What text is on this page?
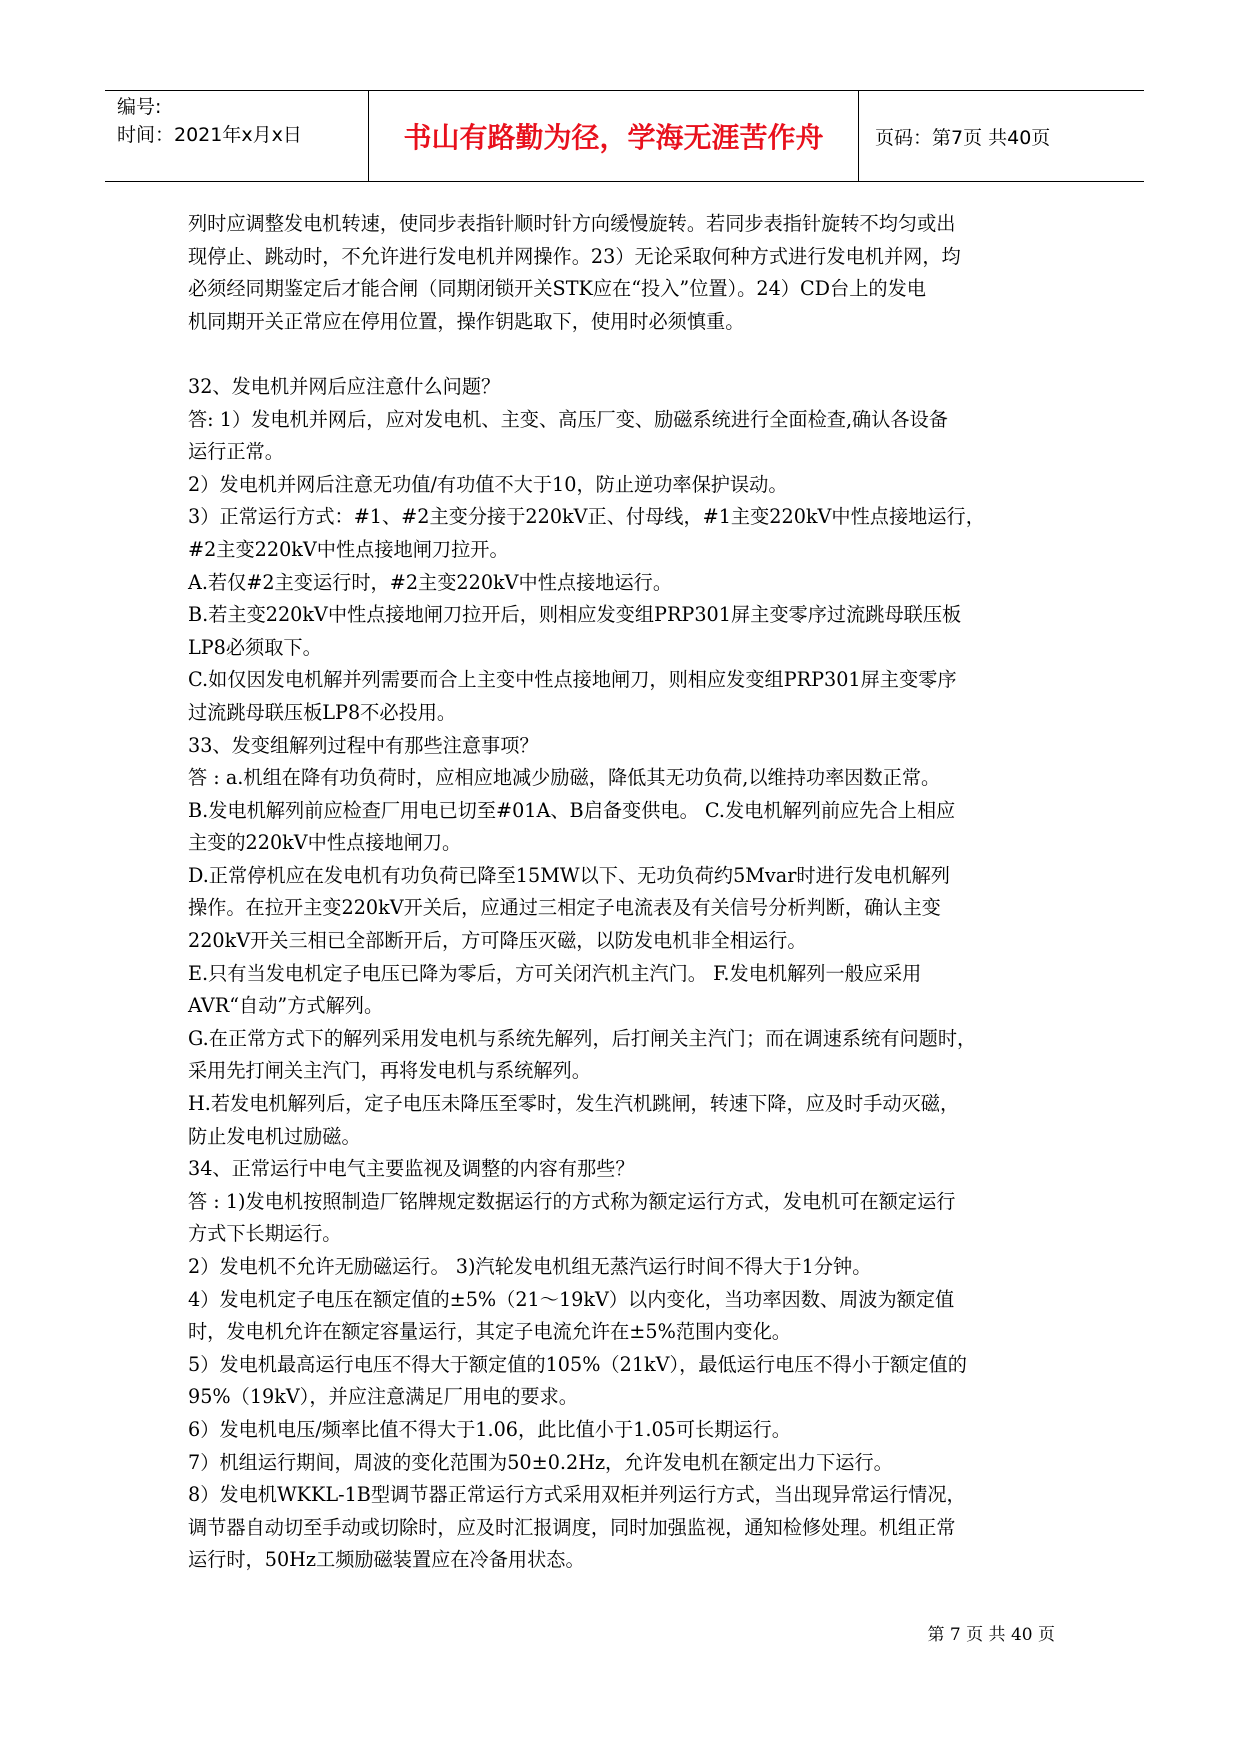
编号:
时间：2021年x月x日	书山有路勤为径，学海无涯苦作舟	页码：第7页 共40页

列时应调整发电机转速，使同步表指针顺时针方向缓慢旋转。若同步表指针旋转不均匀或出

现停止、跳动时，不允许进行发电机并网操作。23）无论采取何种方式进行发电机并网，均

必须经同期鉴定后才能合闸（同期闭锁开关STK应在“投入”位置）。24）CD台上的发电

机同期开关正常应在停用位置，操作钥匙取下，使用时必须慎重。

32、发电机并网后应注意什么问题？

答: 1）发电机并网后，应对发电机、主变、高压厂变、励磁系统进行全面检查,确认各设备

运行正常。

2）发电机并网后注意无功值/有功值不大于10，防止逆功率保护误动。

3）正常运行方式：#1、#2主变分接于220kV正、付母线，#1主变220kV中性点接地运行，

#2主变220kV中性点接地闸刀拉开。

A.若仅#2主变运行时，#2主变220kV中性点接地运行。

B.若主变220kV中性点接地闸刀拉开后，则相应发变组PRP301屏主变零序过流跳母联压板

LP8必须取下。

C.如仅因发电机解并列需要而合上主变中性点接地闸刀，则相应发变组PRP301屏主变零序

过流跳母联压板LP8不必投用。

33、发变组解列过程中有那些注意事项？

答 : a.机组在降有功负荷时，应相应地减少励磁，降低其无功负荷,以维持功率因数正常。

B.发电机解列前应检查厂用电已切至#01A、B启备变供电。 C.发电机解列前应先合上相应

主变的220kV中性点接地闸刀。

D.正常停机应在发电机有功负荷已降至15MW以下、无功负荷约5Mvar时进行发电机解列

操作。在拉开主变220kV开关后，应通过三相定子电流表及有关信号分析判断，确认主变

220kV开关三相已全部断开后，方可降压灭磁，以防发电机非全相运行。

E.只有当发电机定子电压已降为零后，方可关闭汽机主汽门。 F.发电机解列一般应采用

AVR“自动”方式解列。

G.在正常方式下的解列采用发电机与系统先解列，后打闸关主汽门；而在调速系统有问题时，

采用先打闸关主汽门，再将发电机与系统解列。

H.若发电机解列后，定子电压未降压至零时，发生汽机跳闸，转速下降，应及时手动灭磁，

防止发电机过励磁。

34、正常运行中电气主要监视及调整的内容有那些？

答 : 1)发电机按照制造厂铭牌规定数据运行的方式称为额定运行方式，发电机可在额定运行

方式下长期运行。

2）发电机不允许无励磁运行。 3)汽轮发电机组无蒸汽运行时间不得大于1分钟。

4）发电机定子电压在额定值的±5%（21～19kV）以内变化，当功率因数、周波为额定值

时，发电机允许在额定容量运行，其定子电流允许在±5%范围内变化。

5）发电机最高运行电压不得大于额定值的105%（21kV），最低运行电压不得小于额定值的

95%（19kV），并应注意满足厂用电的要求。

6）发电机电压/频率比值不得大于1.06，此比值小于1.05可长期运行。

7）机组运行期间，周波的变化范围为50±0.2Hz，允许发电机在额定出力下运行。

8）发电机WKKL-1B型调节器正常运行方式采用双柜并列运行方式，当出现异常运行情况，

调节器自动切至手动或切除时，应及时汇报调度，同时加强监视，通知检修处理。机组正常

运行时，50Hz工频励磁装置应在冷备用状态。

第 7 页 共 40 页
